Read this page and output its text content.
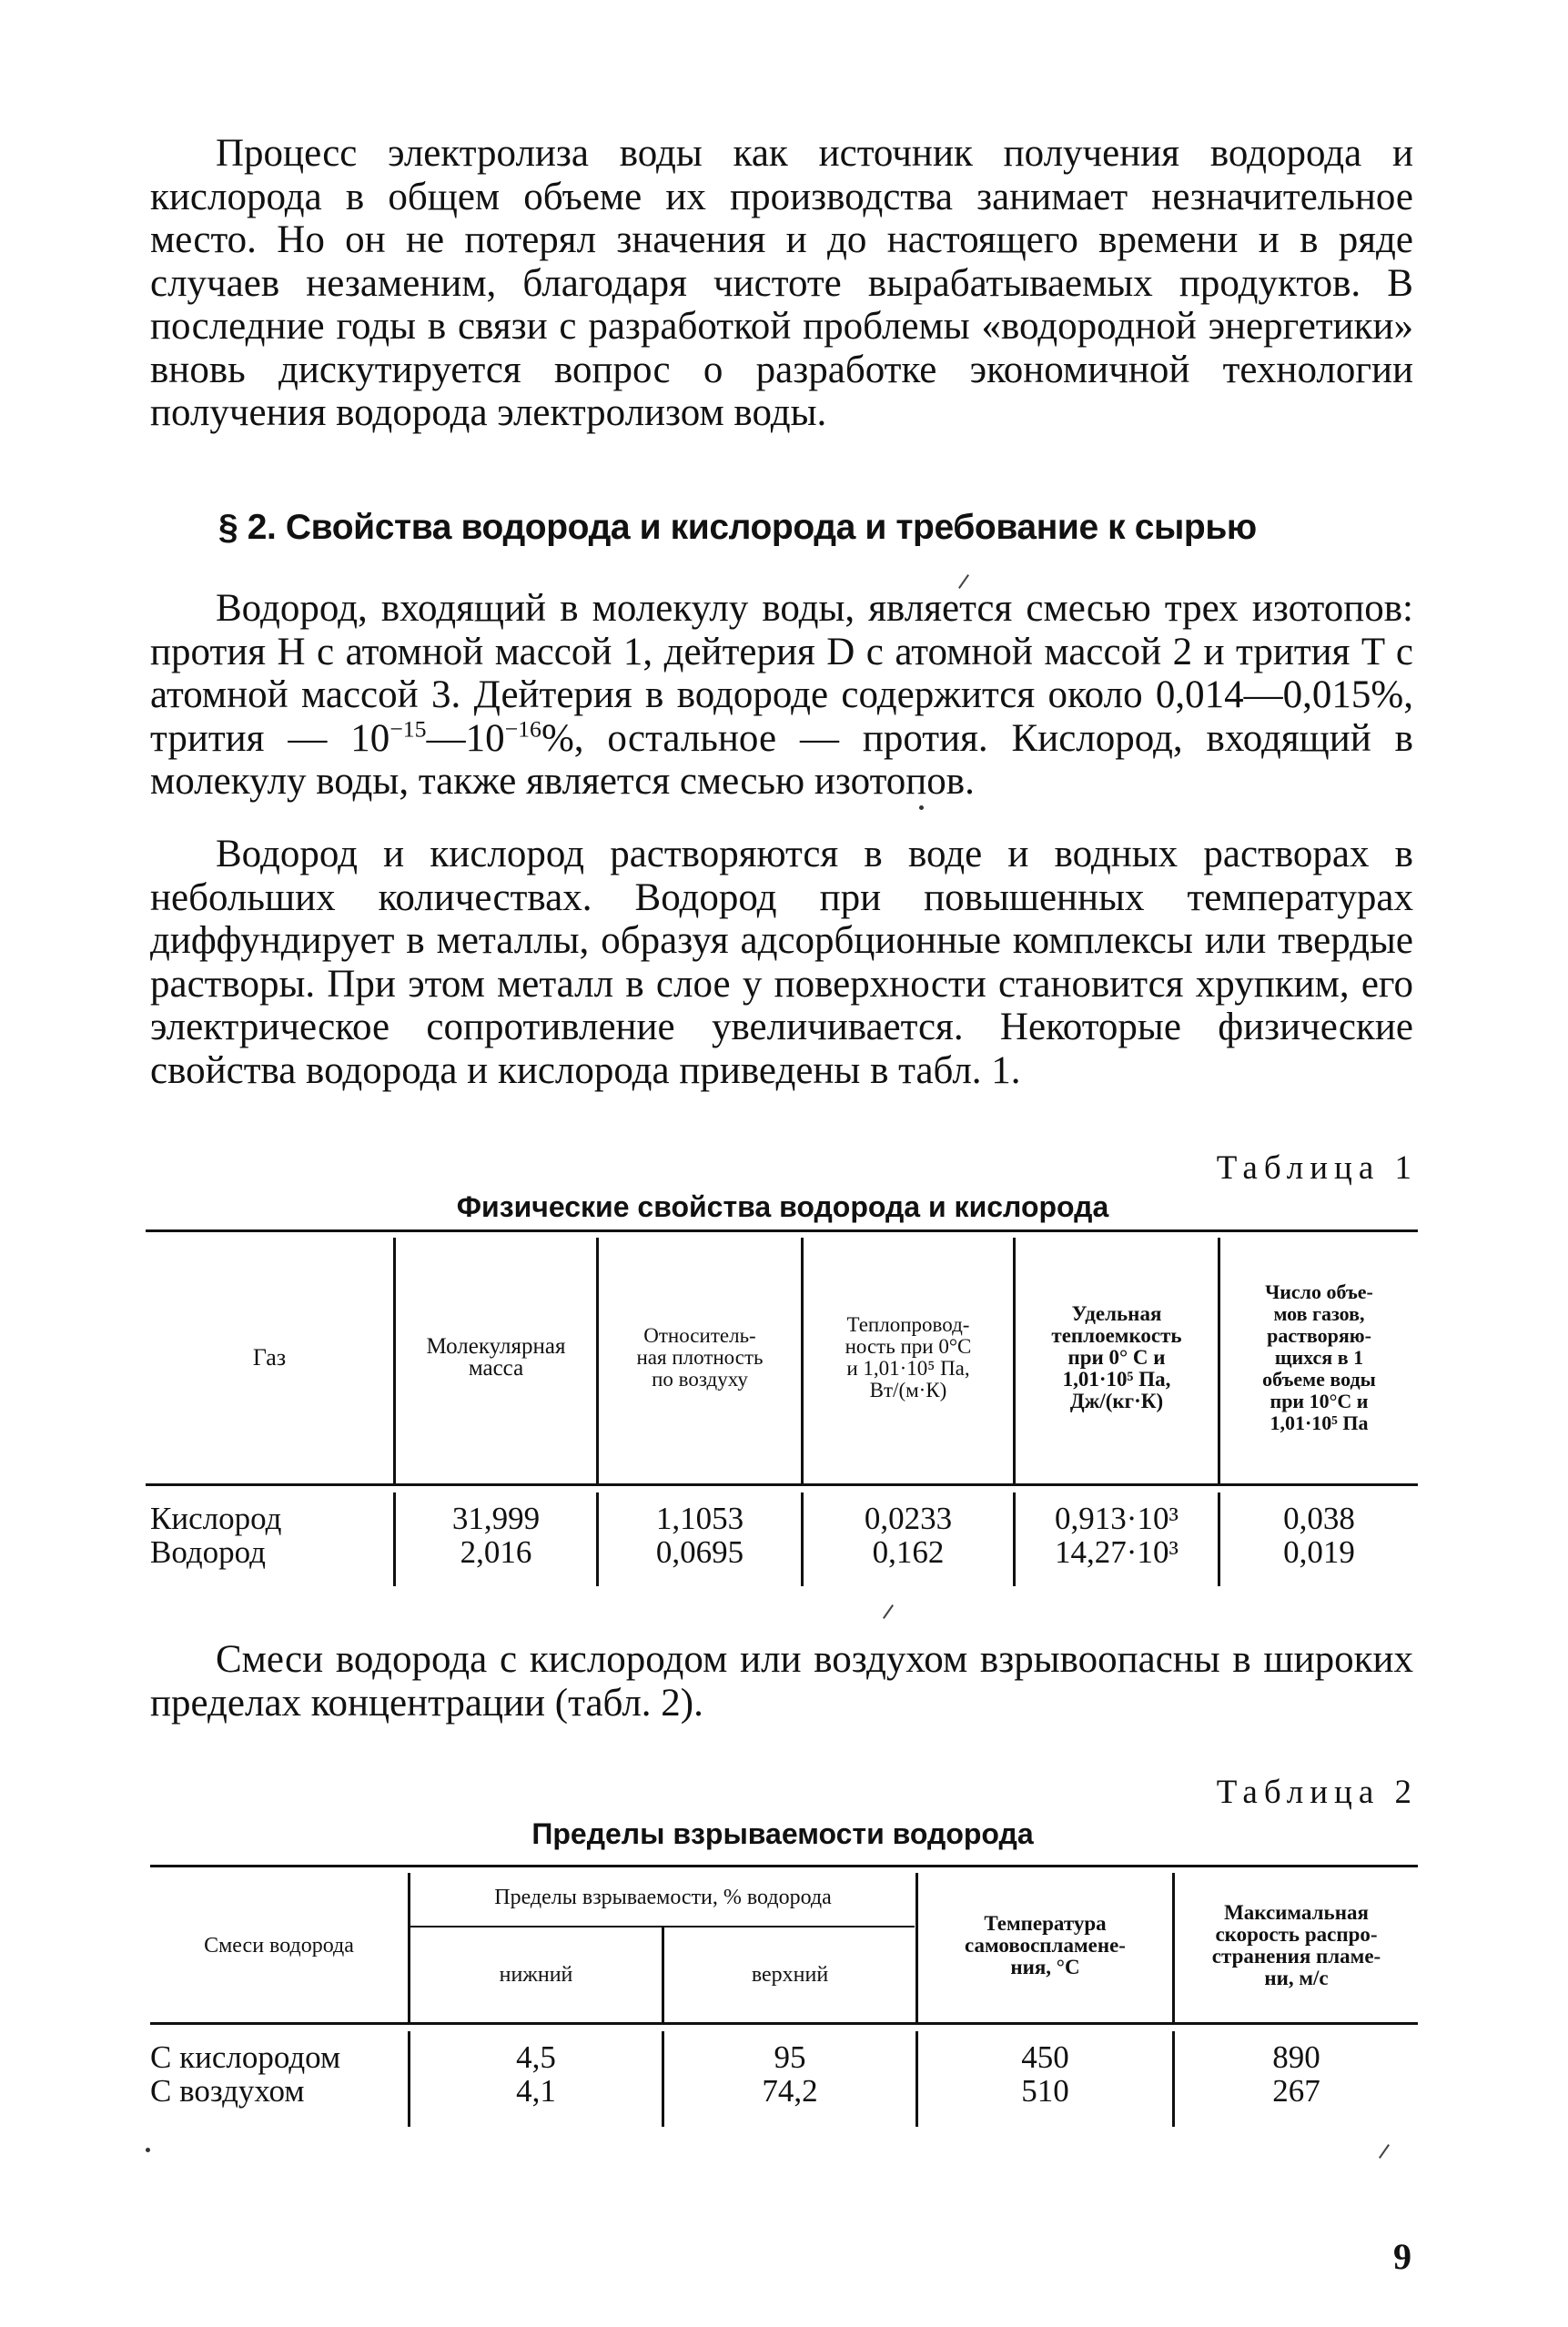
Процесс электролиза воды как источник получения водорода и кислорода в общем объеме их производства занимает незначительное место. Но он не потерял значения и до настоящего времени и в ряде случаев незаменим, благодаря чистоте вырабатываемых продуктов. В последние годы в связи с разработкой проблемы «водородной энергетики» вновь дискутируется вопрос о разработке экономичной технологии получения водорода электролизом воды.

§ 2. Свойства водорода и кислорода и требование к сырью

Водород, входящий в молекулу воды, является смесью трех изотопов: протия H с атомной массой 1, дейтерия D с атомной массой 2 и трития T с атомной массой 3. Дейтерия в водороде содержится около 0,014—0,015%, трития — $10^{-15}—10^{-16}\%$, остальное — протия. Кислород, входящий в молекулу воды, также является смесью изотопов.

Водород и кислород растворяются в воде и водных растворах в небольших количествах. Водород при повышенных температурах диффундирует в металлы, образуя адсорбционные комплексы или твердые растворы. При этом металл в слое у поверхности становится хрупким, его электрическое сопротивление увеличивается. Некоторые физические свойства водорода и кислорода приведены в табл. 1.

Таблица 1

Физические свойства водорода и кислорода

Газ	Молекулярная
масса
Относитель-
ная плотность
по воздуху
Теплопровод-
ность при 0°С
и 1,01·10⁵ Па,
Вт/(м·К)
Удельная
теплоемкость
при 0° С и
1,01·10⁵ Па,
Дж/(кг·К)
Число объе-
мов газов,
растворяю-
щихся в 1
объеме воды
при 10°С и
1,01·10⁵ Па
Кислород
Водород
31,999
2,016
1,1053
0,0695
0,0233
0,162
0,913·10³
14,27·10³
0,038
0,019

Смеси водорода с кислородом или воздухом взрывоопасны в широких пределах концентрации (табл. 2).

Таблица 2

Пределы взрываемости водорода

Смеси водорода
Пределы взрываемости, % водорода
нижний	верхний
Температура
самовоспламене-
ния, °С
Максимальная
скорость распро-
странения пламе-
ни, м/с
С кислородом
С воздухом
4,5
4,1
95
74,2
450
510
890
267

9
